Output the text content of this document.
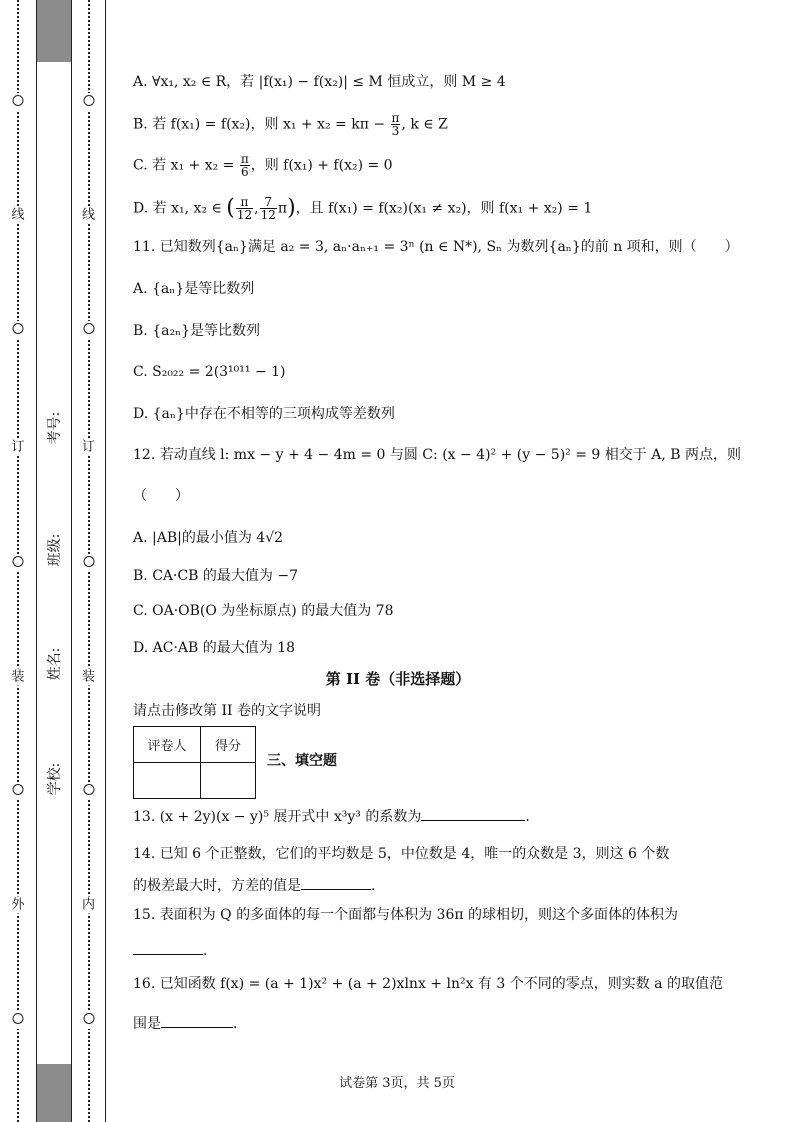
线
订
装
外
考号:
班级:
姓名:
学校:
线
订
装
内
A. ∀x₁, x₂ ∈ R，若 |f(x₁) − f(x₂)| ≤ M 恒成立，则 M ≥ 4
B. 若 f(x₁) = f(x₂)，则 $x_1 + x_2 = k\pi - \frac{\pi}{3}$ , k ∈ Z
C. 若 $x_1 + x_2 = \frac{\pi}{6}$ ，则 f(x₁) + f(x₂) = 0
D. 若 x₁, x₂ ∈ ( $\frac{\pi}{12}$ , $\frac{7}{12} \pi$)，且 f(x₁) = f(x₂)(x₁ ≠ x₂)，则 f(x₁ + x₂) = 1
11. 已知数列{aₙ}满足 a₂ = 3, aₙ·aₙ₊₁ = 3ⁿ (n ∈ N*), Sₙ 为数列{aₙ}的前 n 项和，则（　　）
A. {aₙ}是等比数列
B. {a₂ₙ}是等比数列
C. S₂₀₂₂ = 2(3¹⁰¹¹ − 1)
D. {aₙ}中存在不相等的三项构成等差数列
12. 若动直线 l: mx − y + 4 − 4m = 0 与圆 C: (x − 4)² + (y − 5)² = 9 相交于 A, B 两点，则
（　　）
A. |AB|的最小值为 4√2
B. CA·CB 的最大值为 −7
C. OA·OB(O 为坐标原点) 的最大值为 78
D. AC·AB 的最大值为 18
第 II 卷（非选择题）
请点击修改第 II 卷的文字说明
评卷人	得分

三、填空题
13. (x + 2y)(x − y)⁵ 展开式中 x³y³ 的系数为	.
14. 已知 6 个正整数，它们的平均数是 5，中位数是 4，唯一的众数是 3，则这 6 个数
的极差最大时，方差的值是	.
15. 表面积为 Q 的多面体的每一个面都与体积为 36π 的球相切，则这个多面体的体积为
.
16. 已知函数 f(x) = (a + 1)x² + (a + 2)xlnx + ln²x 有 3 个不同的零点，则实数 a 的取值范
围是	.
试卷第 3页，共 5页
